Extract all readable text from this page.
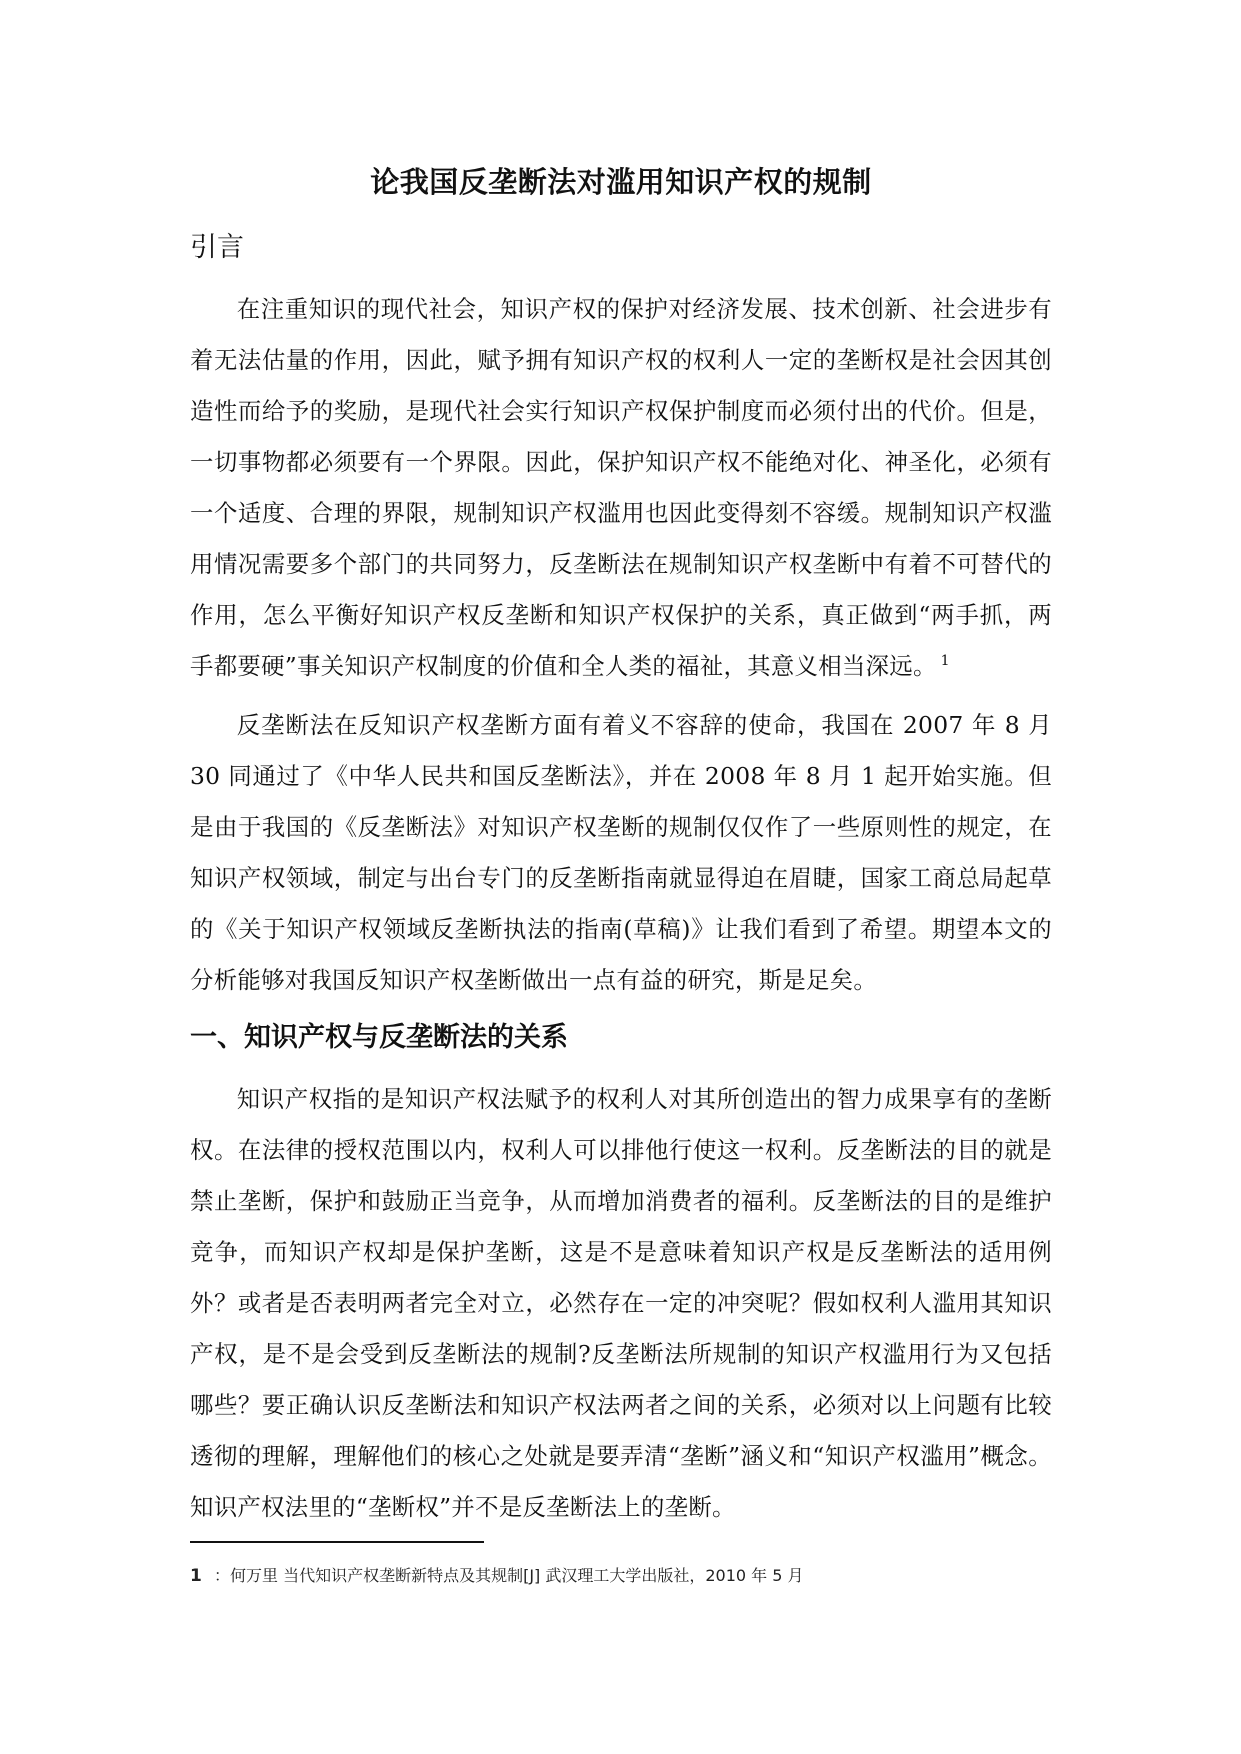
论我国反垄断法对滥用知识产权的规制
引言

在注重知识的现代社会，知识产权的保护对经济发展、技术创新、社会进步有着无法估量的作用，因此，赋予拥有知识产权的权利人一定的垄断权是社会因其创造性而给予的奖励，是现代社会实行知识产权保护制度而必须付出的代价。但是，一切事物都必须要有一个界限。因此，保护知识产权不能绝对化、神圣化，必须有一个适度、合理的界限，规制知识产权滥用也因此变得刻不容缓。规制知识产权滥用情况需要多个部门的共同努力，反垄断法在规制知识产权垄断中有着不可替代的作用，怎么平衡好知识产权反垄断和知识产权保护的关系，真正做到“两手抓，两手都要硬”事关知识产权制度的价值和全人类的福祉，其意义相当深远。 $^1$

反垄断法在反知识产权垄断方面有着义不容辞的使命，我国在 2007 年 8 月 30 同通过了《中华人民共和国反垄断法》，并在 2008 年 8 月 1 起开始实施。但是由于我国的《反垄断法》对知识产权垄断的规制仅仅作了一些原则性的规定，在知识产权领域，制定与出台专门的反垄断指南就显得迫在眉睫，国家工商总局起草的《关于知识产权领域反垄断执法的指南(草稿)》让我们看到了希望。期望本文的分析能够对我国反知识产权垄断做出一点有益的研究，斯是足矣。

一、知识产权与反垄断法的关系

知识产权指的是知识产权法赋予的权利人对其所创造出的智力成果享有的垄断权。在法律的授权范围以内，权利人可以排他行使这一权利。反垄断法的目的就是禁止垄断，保护和鼓励正当竞争，从而增加消费者的福利。反垄断法的目的是维护竞争，而知识产权却是保护垄断，这是不是意味着知识产权是反垄断法的适用例外？或者是否表明两者完全对立，必然存在一定的冲突呢？假如权利人滥用其知识产权，是不是会受到反垄断法的规制?反垄断法所规制的知识产权滥用行为又包括哪些？要正确认识反垄断法和知识产权法两者之间的关系，必须对以上问题有比较透彻的理解，理解他们的核心之处就是要弄清“垄断”涵义和“知识产权滥用”概念。知识产权法里的“垄断权”并不是反垄断法上的垄断。

1 ：何万里 当代知识产权垄断新特点及其规制[J] 武汉理工大学出版社，2010 年 5 月
